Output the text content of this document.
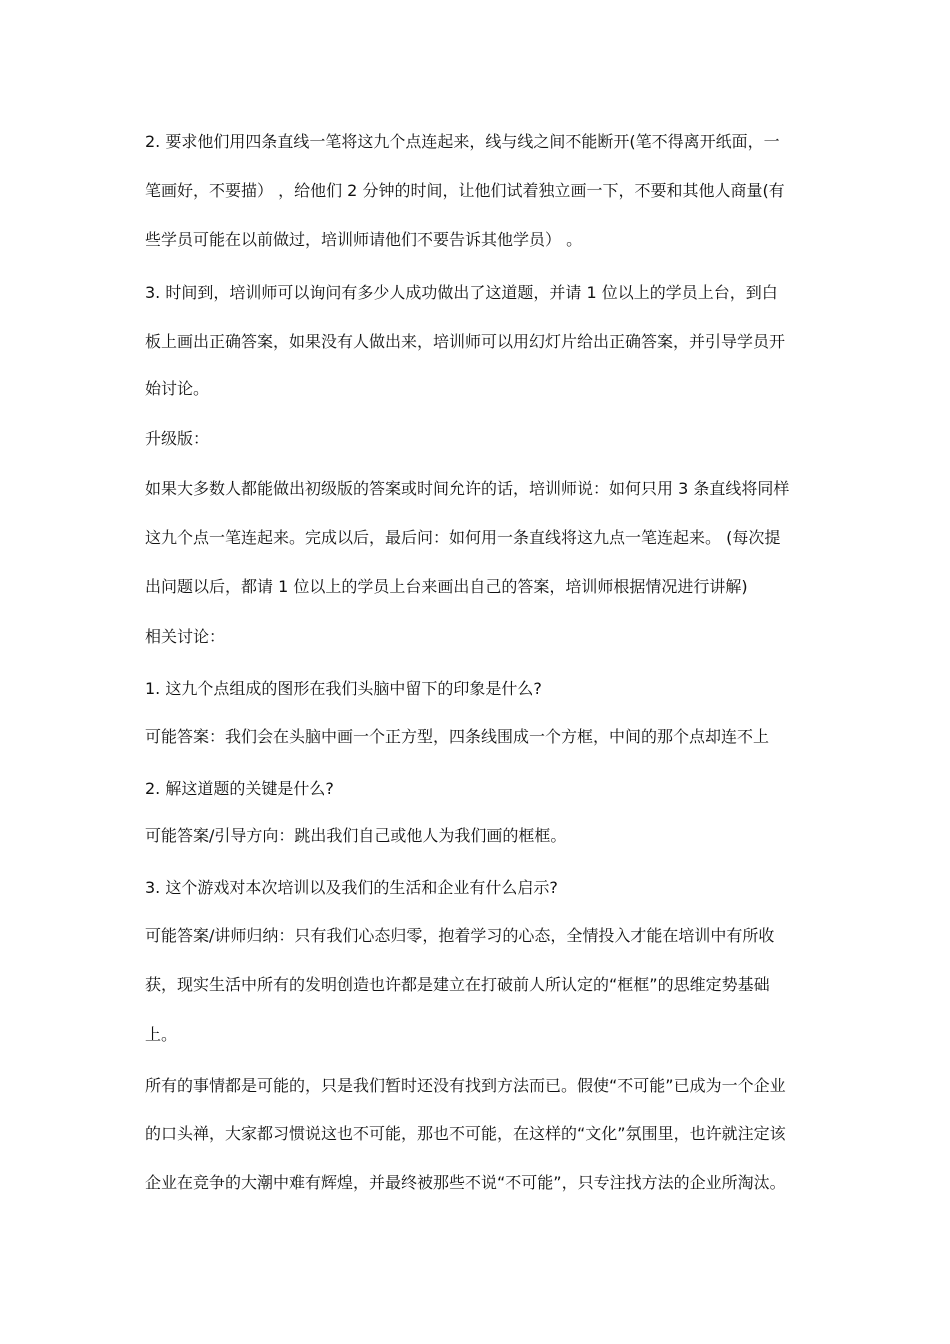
2. 要求他们用四条直线一笔将这九个点连起来，线与线之间不能断开(笔不得离开纸面，一
笔画好，不要描） ，给他们 2 分钟的时间，让他们试着独立画一下，不要和其他人商量(有
些学员可能在以前做过，培训师请他们不要告诉其他学员） 。
3. 时间到，培训师可以询问有多少人成功做出了这道题，并请 1 位以上的学员上台，到白
板上画出正确答案，如果没有人做出来，培训师可以用幻灯片给出正确答案，并引导学员开
始讨论。
升级版：
如果大多数人都能做出初级版的答案或时间允许的话，培训师说：如何只用 3 条直线将同样
这九个点一笔连起来。完成以后，最后问：如何用一条直线将这九点一笔连起来。 (每次提
出问题以后，都请 1 位以上的学员上台来画出自己的答案，培训师根据情况进行讲解)
相关讨论：
1. 这九个点组成的图形在我们头脑中留下的印象是什么?
可能答案：我们会在头脑中画一个正方型，四条线围成一个方框，中间的那个点却连不上
2. 解这道题的关键是什么?
可能答案/引导方向：跳出我们自己或他人为我们画的框框。
3. 这个游戏对本次培训以及我们的生活和企业有什么启示?
可能答案/讲师归纳：只有我们心态归零，抱着学习的心态，全情投入才能在培训中有所收
获，现实生活中所有的发明创造也许都是建立在打破前人所认定的“框框”的思维定势基础
上。
所有的事情都是可能的，只是我们暂时还没有找到方法而已。假使“不可能”已成为一个企业
的口头禅，大家都习惯说这也不可能，那也不可能，在这样的“文化”氛围里，也许就注定该
企业在竞争的大潮中难有辉煌，并最终被那些不说“不可能”，只专注找方法的企业所淘汰。
